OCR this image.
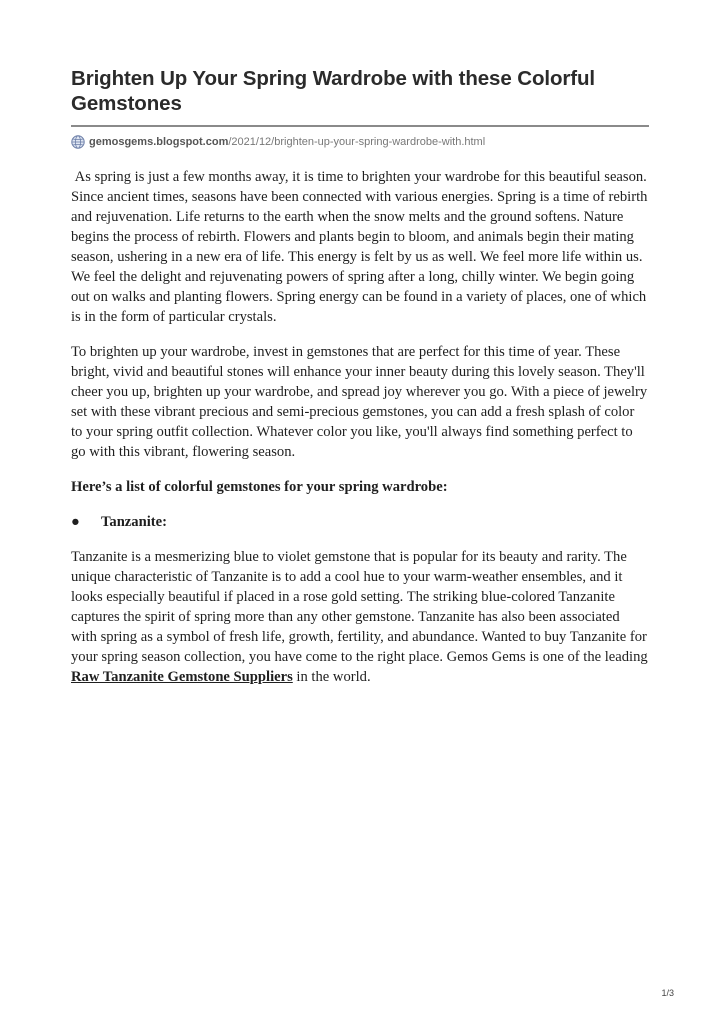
Brighten Up Your Spring Wardrobe with these Colorful Gemstones
gemosgems.blogspot.com /2021/12/brighten-up-your-spring-wardrobe-with.html

As spring is just a few months away, it is time to brighten your wardrobe for this beautiful season. Since ancient times, seasons have been connected with various energies. Spring is a time of rebirth and rejuvenation. Life returns to the earth when the snow melts and the ground softens. Nature begins the process of rebirth. Flowers and plants begin to bloom, and animals begin their mating season, ushering in a new era of life. This energy is felt by us as well. We feel more life within us. We feel the delight and rejuvenating powers of spring after a long, chilly winter. We begin going out on walks and planting flowers. Spring energy can be found in a variety of places, one of which is in the form of particular crystals.

To brighten up your wardrobe, invest in gemstones that are perfect for this time of year. These bright, vivid and beautiful stones will enhance your inner beauty during this lovely season. They'll cheer you up, brighten up your wardrobe, and spread joy wherever you go. With a piece of jewelry set with these vibrant precious and semi-precious gemstones, you can add a fresh splash of color to your spring outfit collection. Whatever color you like, you'll always find something perfect to go with this vibrant, flowering season.

Here’s a list of colorful gemstones for your spring wardrobe:
●	Tanzanite:

Tanzanite is a mesmerizing blue to violet gemstone that is popular for its beauty and rarity. The unique characteristic of Tanzanite is to add a cool hue to your warm-weather ensembles, and it looks especially beautiful if placed in a rose gold setting. The striking blue-colored Tanzanite captures the spirit of spring more than any other gemstone. Tanzanite has also been associated with spring as a symbol of fresh life, growth, fertility, and abundance. Wanted to buy Tanzanite for your spring season collection, you have come to the right place. Gemos Gems is one of the leading Raw Tanzanite Gemstone Suppliers in the world.

1/3
